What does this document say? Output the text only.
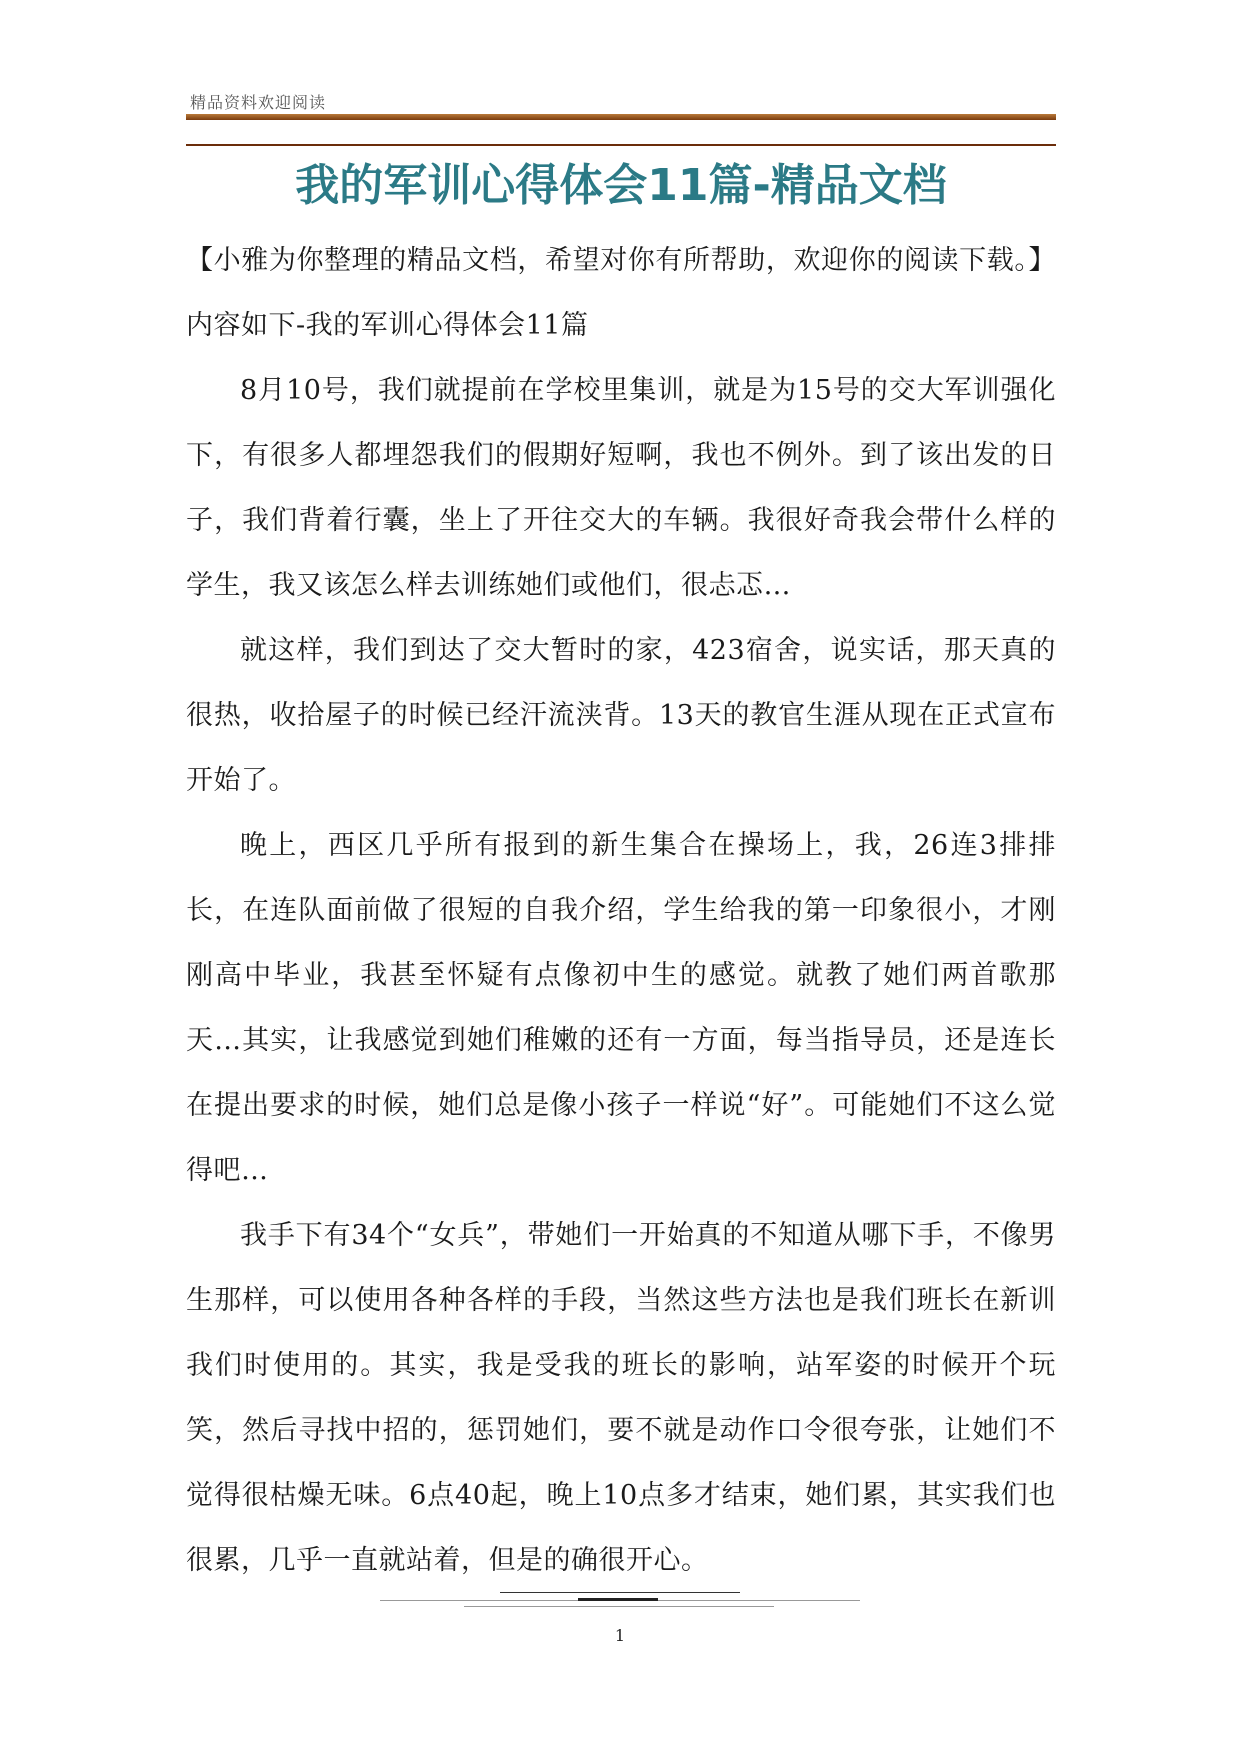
精品资料欢迎阅读
我的军训心得体会11篇-精品文档

【小雅为你整理的精品文档，希望对你有所帮助，欢迎你的阅读下载。】内容如下-我的军训心得体会11篇

8月10号，我们就提前在学校里集训，就是为15号的交大军训强化下，有很多人都埋怨我们的假期好短啊，我也不例外。到了该出发的日子，我们背着行囊，坐上了开往交大的车辆。我很好奇我会带什么样的学生，我又该怎么样去训练她们或他们，很忐忑…

就这样，我们到达了交大暂时的家，423宿舍，说实话，那天真的很热，收拾屋子的时候已经汗流浃背。13天的教官生涯从现在正式宣布开始了。

晚上，西区几乎所有报到的新生集合在操场上，我，26连3排排长，在连队面前做了很短的自我介绍，学生给我的第一印象很小，才刚刚高中毕业，我甚至怀疑有点像初中生的感觉。就教了她们两首歌那天…其实，让我感觉到她们稚嫩的还有一方面，每当指导员，还是连长在提出要求的时候，她们总是像小孩子一样说“好”。可能她们不这么觉得吧…

我手下有34个“女兵”，带她们一开始真的不知道从哪下手，不像男生那样，可以使用各种各样的手段，当然这些方法也是我们班长在新训我们时使用的。其实，我是受我的班长的影响，站军姿的时候开个玩笑，然后寻找中招的，惩罚她们，要不就是动作口令很夸张，让她们不觉得很枯燥无味。6点40起，晚上10点多才结束，她们累，其实我们也很累，几乎一直就站着，但是的确很开心。

1
